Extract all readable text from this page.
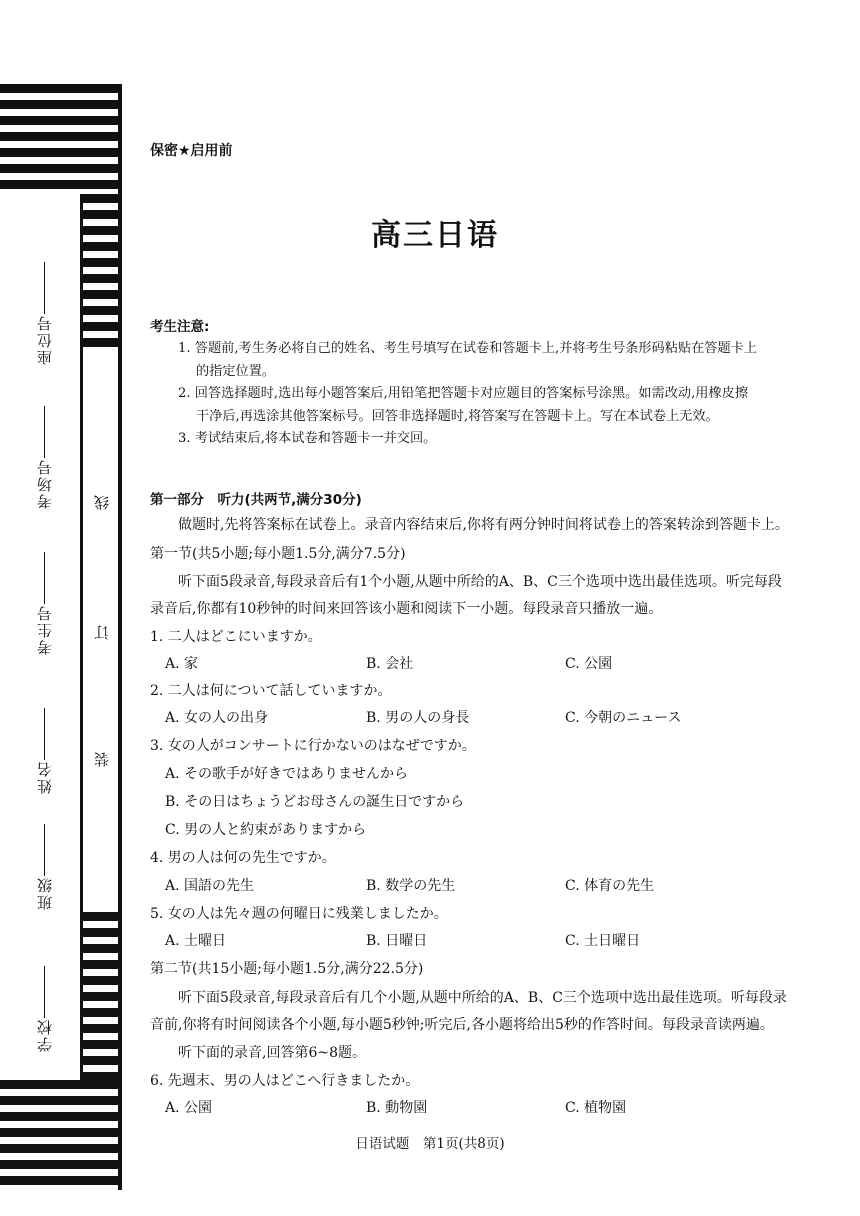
座位号
考场号
考生号
姓名
班级
学校
线
订
装
保密★启用前
高三日语
考生注意:
1. 答题前,考生务必将自己的姓名、考生号填写在试卷和答题卡上,并将考生号条形码粘贴在答题卡上
的指定位置。
2. 回答选择题时,选出每小题答案后,用铅笔把答题卡对应题目的答案标号涂黑。如需改动,用橡皮擦
干净后,再选涂其他答案标号。回答非选择题时,将答案写在答题卡上。写在本试卷上无效。
3. 考试结束后,将本试卷和答题卡一并交回。
第一部分　听力(共两节,满分30分)
做题时,先将答案标在试卷上。录音内容结束后,你将有两分钟时间将试卷上的答案转涂到答题卡上。
第一节(共5小题;每小题1.5分,满分7.5分)
听下面5段录音,每段录音后有1个小题,从题中所给的A、B、C三个选项中选出最佳选项。听完每段
录音后,你都有10秒钟的时间来回答该小题和阅读下一小题。每段录音只播放一遍。
1. 二人はどこにいますか。
A. 家	B. 会社	C. 公園
2. 二人は何について話していますか。
A. 女の人の出身	B. 男の人の身長	C. 今朝のニュース
3. 女の人がコンサートに行かないのはなぜですか。
A. その歌手が好きではありませんから
B. その日はちょうどお母さんの誕生日ですから
C. 男の人と約束がありますから
4. 男の人は何の先生ですか。
A. 国語の先生	B. 数学の先生	C. 体育の先生
5. 女の人は先々週の何曜日に残業しましたか。
A. 土曜日	B. 日曜日	C. 土日曜日
第二节(共15小题;每小题1.5分,满分22.5分)
听下面5段录音,每段录音后有几个小题,从题中所给的A、B、C三个选项中选出最佳选项。听每段录
音前,你将有时间阅读各个小题,每小题5秒钟;听完后,各小题将给出5秒的作答时间。每段录音读两遍。
听下面的录音,回答第6~8题。
6. 先週末、男の人はどこへ行きましたか。
A. 公園	B. 動物園	C. 植物園
日语试题　第1页(共8页)
